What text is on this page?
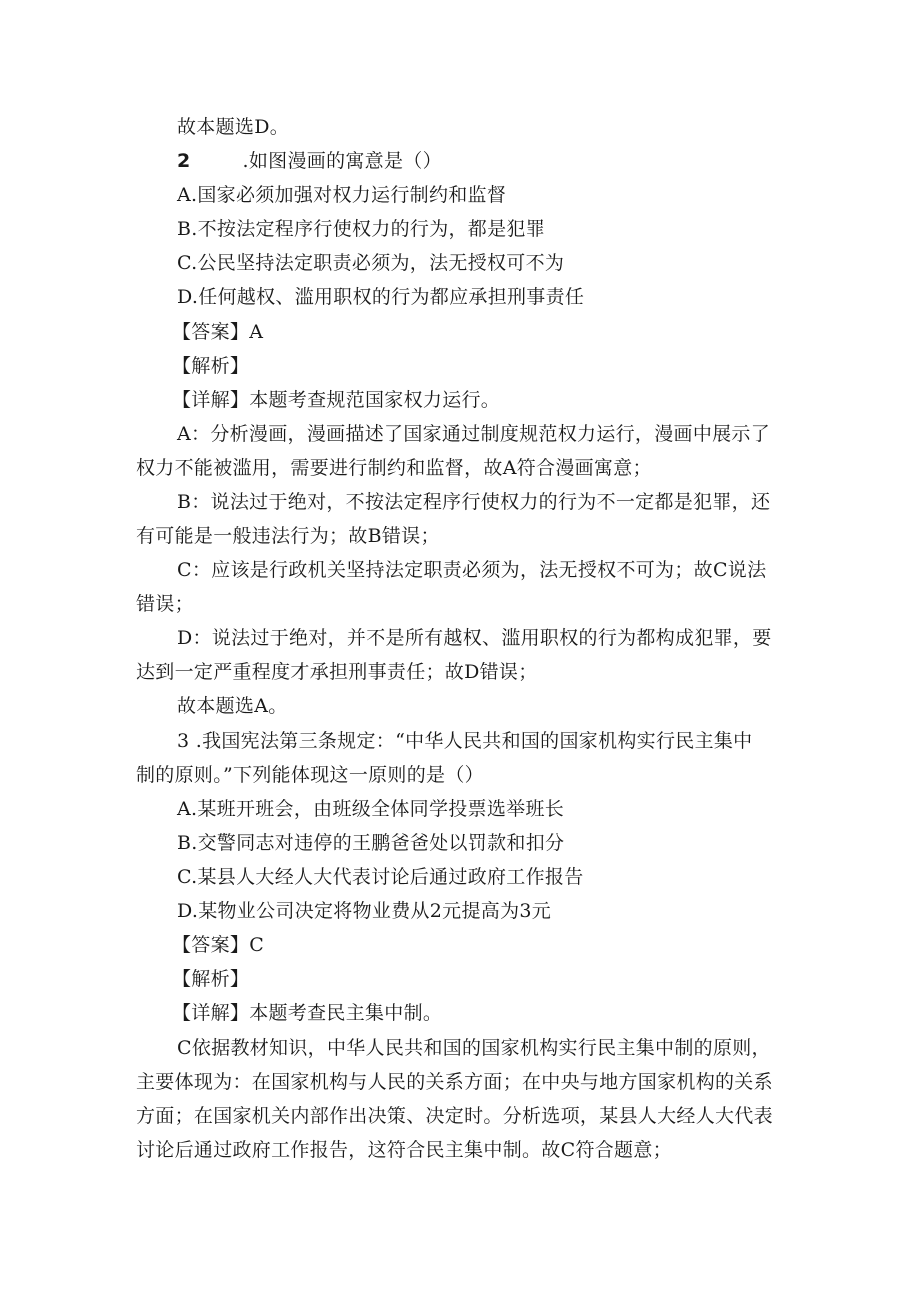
故本题选D。
2	.如图漫画的寓意是（）
A.国家必须加强对权力运行制约和监督
B.不按法定程序行使权力的行为，都是犯罪
C.公民坚持法定职责必须为，法无授权可不为
D.任何越权、滥用职权的行为都应承担刑事责任
【答案】A
【解析】
【详解】本题考查规范国家权力运行。
A：分析漫画，漫画描述了国家通过制度规范权力运行，漫画中展示了
权力不能被滥用，需要进行制约和监督，故A符合漫画寓意；
B：说法过于绝对，不按法定程序行使权力的行为不一定都是犯罪，还
有可能是一般违法行为；故B错误；
C：应该是行政机关坚持法定职责必须为，法无授权不可为；故C说法
错误；
D：说法过于绝对，并不是所有越权、滥用职权的行为都构成犯罪，要
达到一定严重程度才承担刑事责任；故D错误；
故本题选A。
3 .我国宪法第三条规定：“中华人民共和国的国家机构实行民主集中
制的原则。”下列能体现这一原则的是（）
A.某班开班会，由班级全体同学投票选举班长
B.交警同志对违停的王鹏爸爸处以罚款和扣分
C.某县人大经人大代表讨论后通过政府工作报告
D.某物业公司决定将物业费从2元提高为3元
【答案】C
【解析】
【详解】本题考查民主集中制。
C依据教材知识，中华人民共和国的国家机构实行民主集中制的原则，
主要体现为：在国家机构与人民的关系方面；在中央与地方国家机构的关系
方面；在国家机关内部作出决策、决定时。分析选项，某县人大经人大代表
讨论后通过政府工作报告，这符合民主集中制。故C符合题意；
